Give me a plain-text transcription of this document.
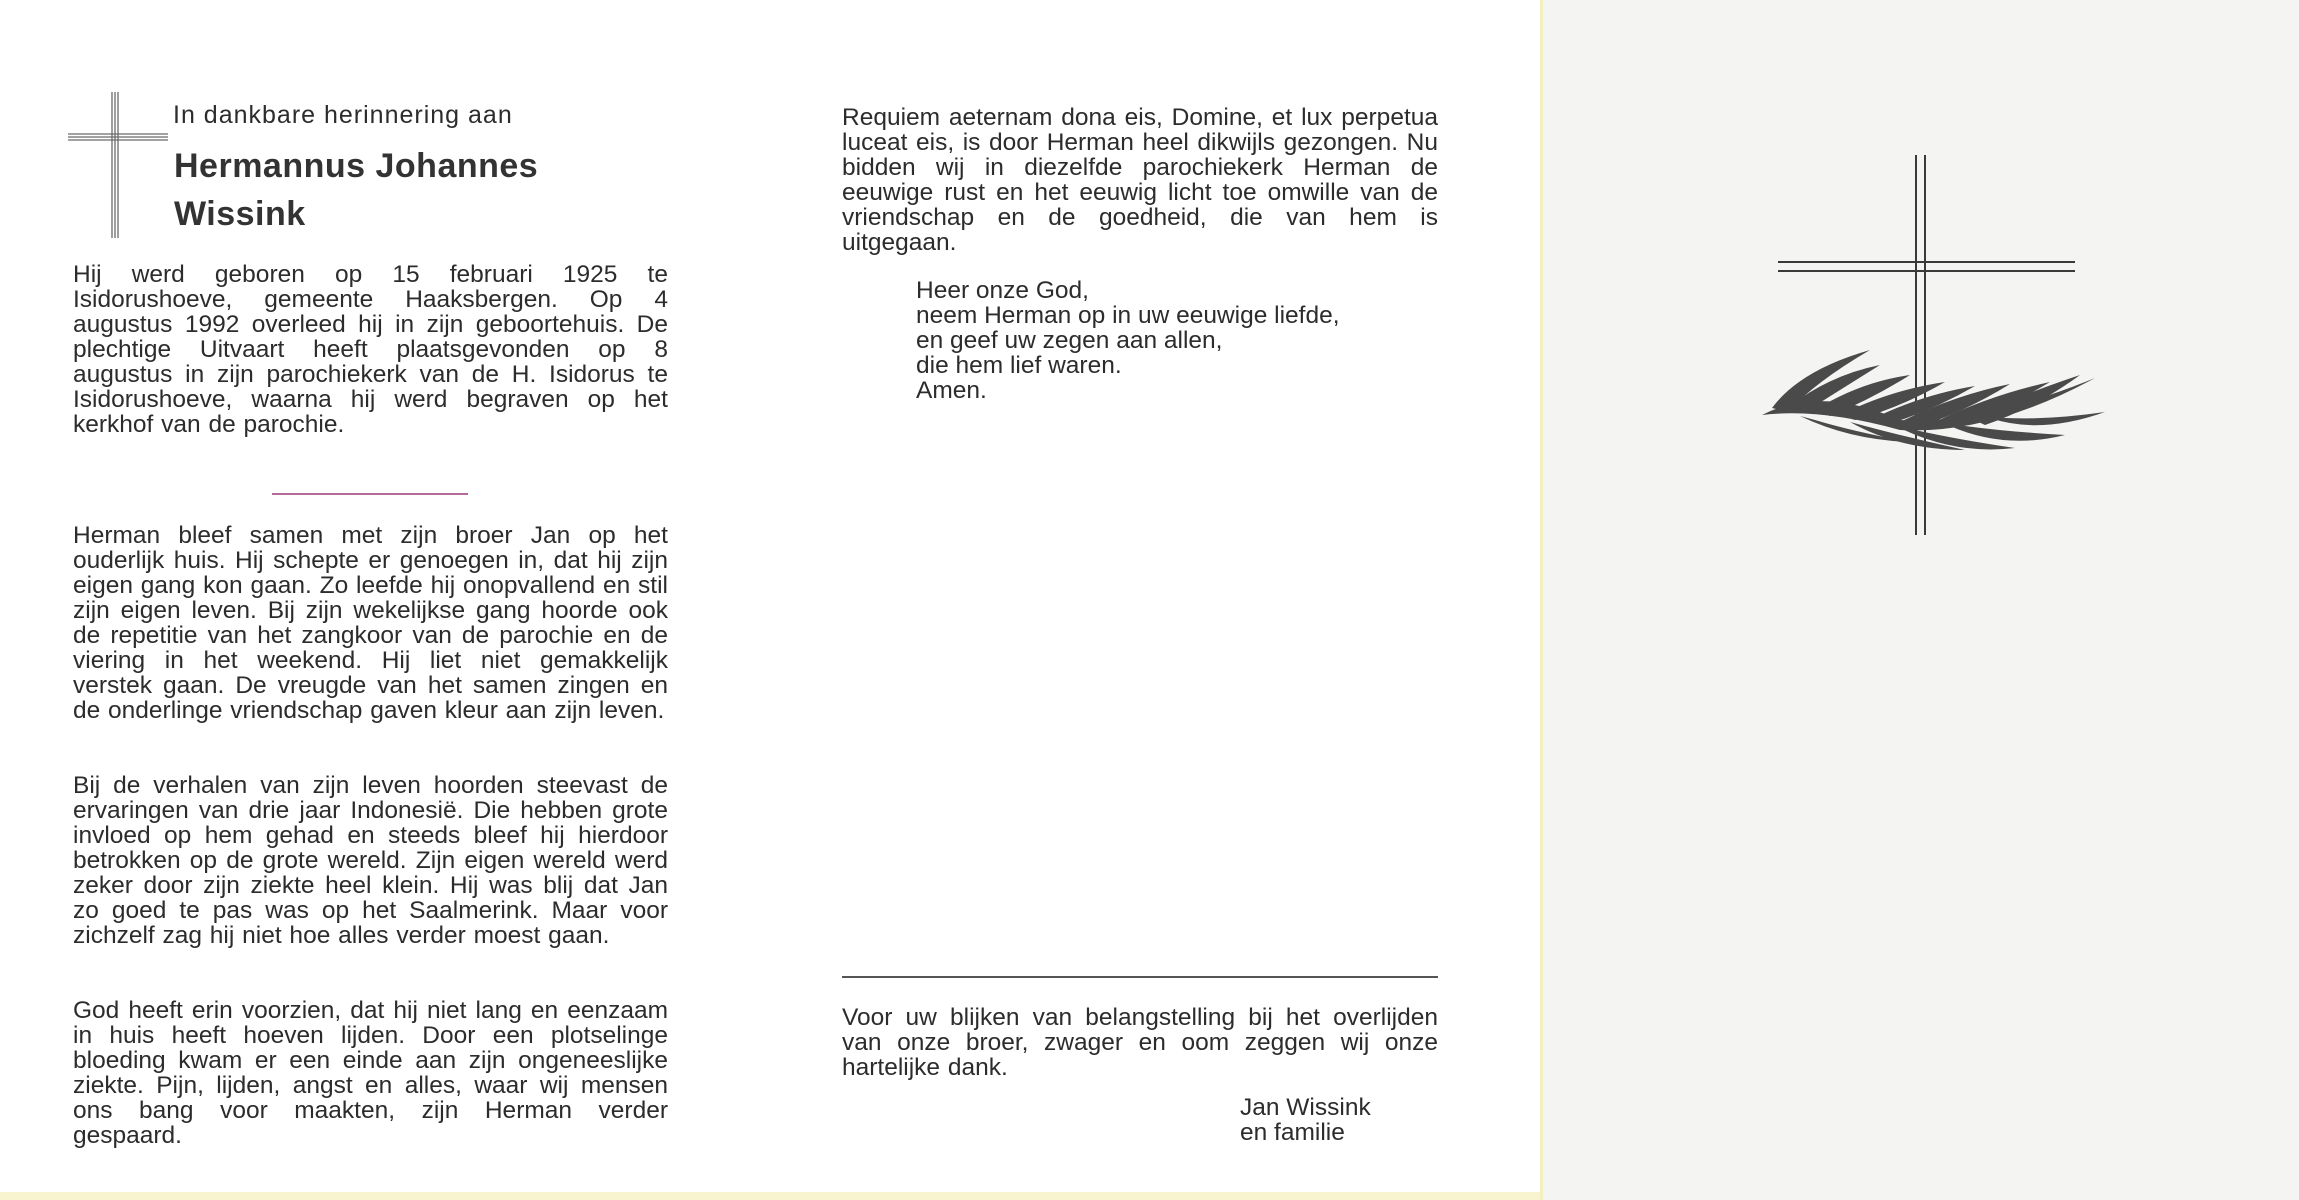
In dankbare herinnering aan
Hermannus Johannes
Wissink

Hij werd geboren op 15 februari 1925 te Isidorushoeve, gemeente Haaksbergen. Op 4 augustus 1992 overleed hij in zijn geboortehuis. De plechtige Uitvaart heeft plaatsgevonden op 8 augustus in zijn parochiekerk van de H. Isidorus te Isidorushoeve, waarna hij werd begraven op het kerkhof van de parochie.

Herman bleef samen met zijn broer Jan op het ouderlijk huis. Hij schepte er genoegen in, dat hij zijn eigen gang kon gaan. Zo leefde hij onopvallend en stil zijn eigen leven. Bij zijn wekelijkse gang hoorde ook de repetitie van het zangkoor van de parochie en de viering in het weekend. Hij liet niet gemakkelijk verstek gaan. De vreugde van het samen zingen en de onderlinge vriendschap gaven kleur aan zijn leven.

Bij de verhalen van zijn leven hoorden steevast de ervaringen van drie jaar Indonesië. Die hebben grote invloed op hem gehad en steeds bleef hij hierdoor betrokken op de grote wereld. Zijn eigen wereld werd zeker door zijn ziekte heel klein. Hij was blij dat Jan zo goed te pas was op het Saalmerink. Maar voor zichzelf zag hij niet hoe alles verder moest gaan.

God heeft erin voorzien, dat hij niet lang en eenzaam in huis heeft hoeven lijden. Door een plotselinge bloeding kwam er een einde aan zijn ongeneeslijke ziekte. Pijn, lijden, angst en alles, waar wij mensen ons bang voor maakten, zijn Herman verder gespaard.

Requiem aeternam dona eis, Domine, et lux perpetua luceat eis, is door Herman heel dikwijls gezongen. Nu bidden wij in diezelfde parochiekerk Herman de eeuwige rust en het eeuwig licht toe omwille van de vriendschap en de goedheid, die van hem is uitgegaan.

Heer onze God,
neem Herman op in uw eeuwige liefde,
en geef uw zegen aan allen,
die hem lief waren.
Amen.

Voor uw blijken van belangstelling bij het overlijden van onze broer, zwager en oom zeggen wij onze hartelijke dank.

Jan Wissink
en familie
